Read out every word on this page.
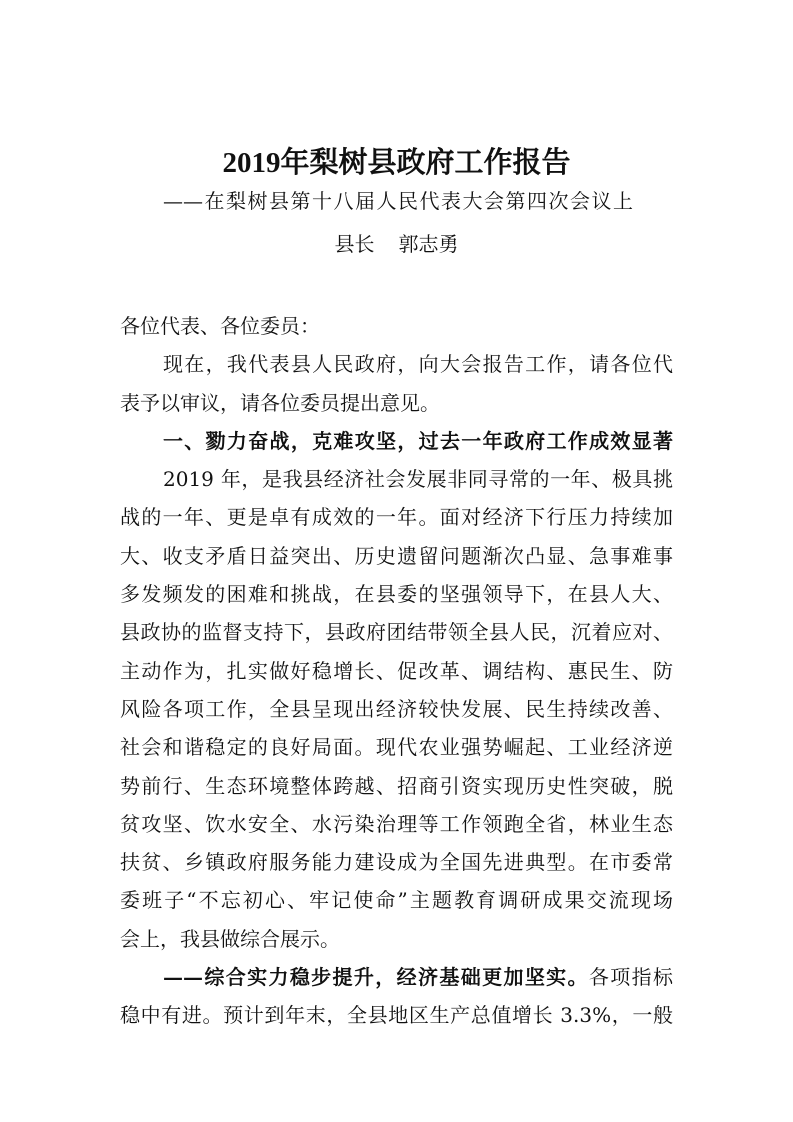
2019年梨树县政府工作报告
——在梨树县第十八届人民代表大会第四次会议上
县长 郭志勇
各位代表、各位委员：
现在，我代表县人民政府，向大会报告工作，请各位代
表予以审议，请各位委员提出意见。
一、勠力奋战，克难攻坚，过去一年政府工作成效显著
2019 年，是我县经济社会发展非同寻常的一年、极具挑
战的一年、更是卓有成效的一年。面对经济下行压力持续加
大、收支矛盾日益突出、历史遗留问题渐次凸显、急事难事
多发频发的困难和挑战，在县委的坚强领导下，在县人大、
县政协的监督支持下，县政府团结带领全县人民，沉着应对、
主动作为，扎实做好稳增长、促改革、调结构、惠民生、防
风险各项工作，全县呈现出经济较快发展、民生持续改善、
社会和谐稳定的良好局面。现代农业强势崛起、工业经济逆
势前行、生态环境整体跨越、招商引资实现历史性突破，脱
贫攻坚、饮水安全、水污染治理等工作领跑全省，林业生态
扶贫、乡镇政府服务能力建设成为全国先进典型。在市委常
委班子“不忘初心、牢记使命”主题教育调研成果交流现场
会上，我县做综合展示。
——综合实力稳步提升，经济基础更加坚实。各项指标
稳中有进。预计到年末，全县地区生产总值增长 3.3%，一般
